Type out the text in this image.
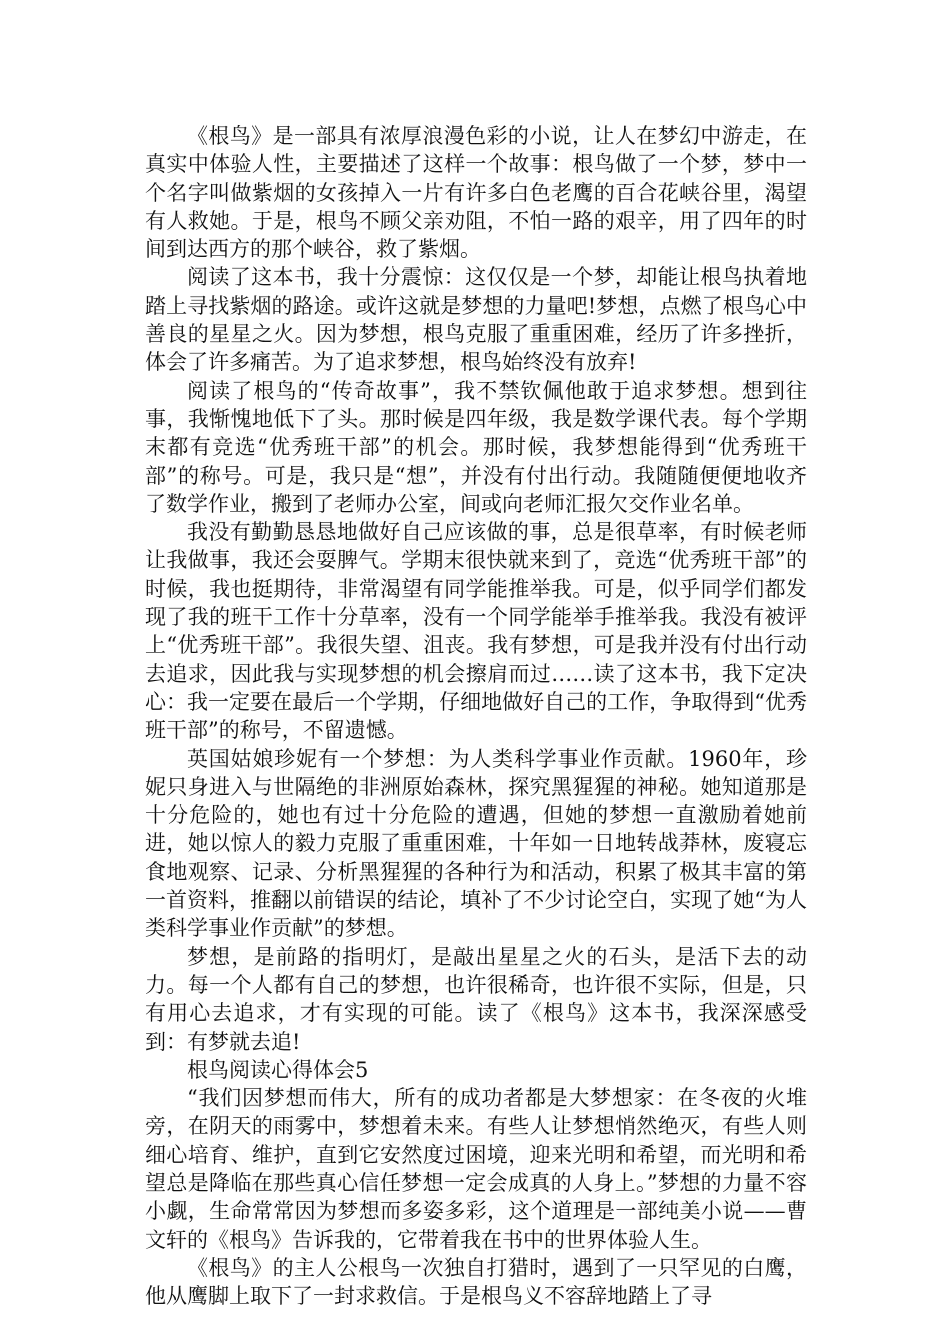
《根鸟》是一部具有浓厚浪漫色彩的小说，让人在梦幻中游走，在真实中体验人性，主要描述了这样一个故事：根鸟做了一个梦，梦中一个名字叫做紫烟的女孩掉入一片有许多白色老鹰的百合花峡谷里，渴望有人救她。于是，根鸟不顾父亲劝阻，不怕一路的艰辛，用了四年的时间到达西方的那个峡谷，救了紫烟。

阅读了这本书，我十分震惊：这仅仅是一个梦，却能让根鸟执着地踏上寻找紫烟的路途。或许这就是梦想的力量吧!梦想，点燃了根鸟心中善良的星星之火。因为梦想，根鸟克服了重重困难，经历了许多挫折，体会了许多痛苦。为了追求梦想，根鸟始终没有放弃!

阅读了根鸟的“传奇故事”，我不禁钦佩他敢于追求梦想。想到往事，我惭愧地低下了头。那时候是四年级，我是数学课代表。每个学期末都有竞选“优秀班干部”的机会。那时候，我梦想能得到“优秀班干部”的称号。可是，我只是“想”，并没有付出行动。我随随便便地收齐了数学作业，搬到了老师办公室，间或向老师汇报欠交作业名单。

我没有勤勤恳恳地做好自己应该做的事，总是很草率，有时候老师让我做事，我还会耍脾气。学期末很快就来到了，竞选“优秀班干部”的时候，我也挺期待，非常渴望有同学能推举我。可是，似乎同学们都发现了我的班干工作十分草率，没有一个同学能举手推举我。我没有被评上“优秀班干部”。我很失望、沮丧。我有梦想，可是我并没有付出行动去追求，因此我与实现梦想的机会擦肩而过……读了这本书，我下定决心：我一定要在最后一个学期，仔细地做好自己的工作，争取得到“优秀班干部”的称号，不留遗憾。

英国姑娘珍妮有一个梦想：为人类科学事业作贡献。1960年，珍妮只身进入与世隔绝的非洲原始森林，探究黑猩猩的神秘。她知道那是十分危险的，她也有过十分危险的遭遇，但她的梦想一直激励着她前进，她以惊人的毅力克服了重重困难，十年如一日地转战莽林，废寝忘食地观察、记录、分析黑猩猩的各种行为和活动，积累了极其丰富的第一首资料，推翻以前错误的结论，填补了不少讨论空白，实现了她“为人类科学事业作贡献”的梦想。

梦想，是前路的指明灯，是敲出星星之火的石头，是活下去的动力。每一个人都有自己的梦想，也许很稀奇，也许很不实际，但是，只有用心去追求，才有实现的可能。读了《根鸟》这本书，我深深感受到：有梦就去追!

根鸟阅读心得体会5

“我们因梦想而伟大，所有的成功者都是大梦想家：在冬夜的火堆旁，在阴天的雨雾中，梦想着未来。有些人让梦想悄然绝灭，有些人则细心培育、维护，直到它安然度过困境，迎来光明和希望，而光明和希望总是降临在那些真心信任梦想一定会成真的人身上。”梦想的力量不容小觑，生命常常因为梦想而多姿多彩，这个道理是一部纯美小说——曹文轩的《根鸟》告诉我的，它带着我在书中的世界体验人生。

《根鸟》的主人公根鸟一次独自打猎时，遇到了一只罕见的白鹰，他从鹰脚上取下了一封求救信。于是根鸟义不容辞地踏上了寻
